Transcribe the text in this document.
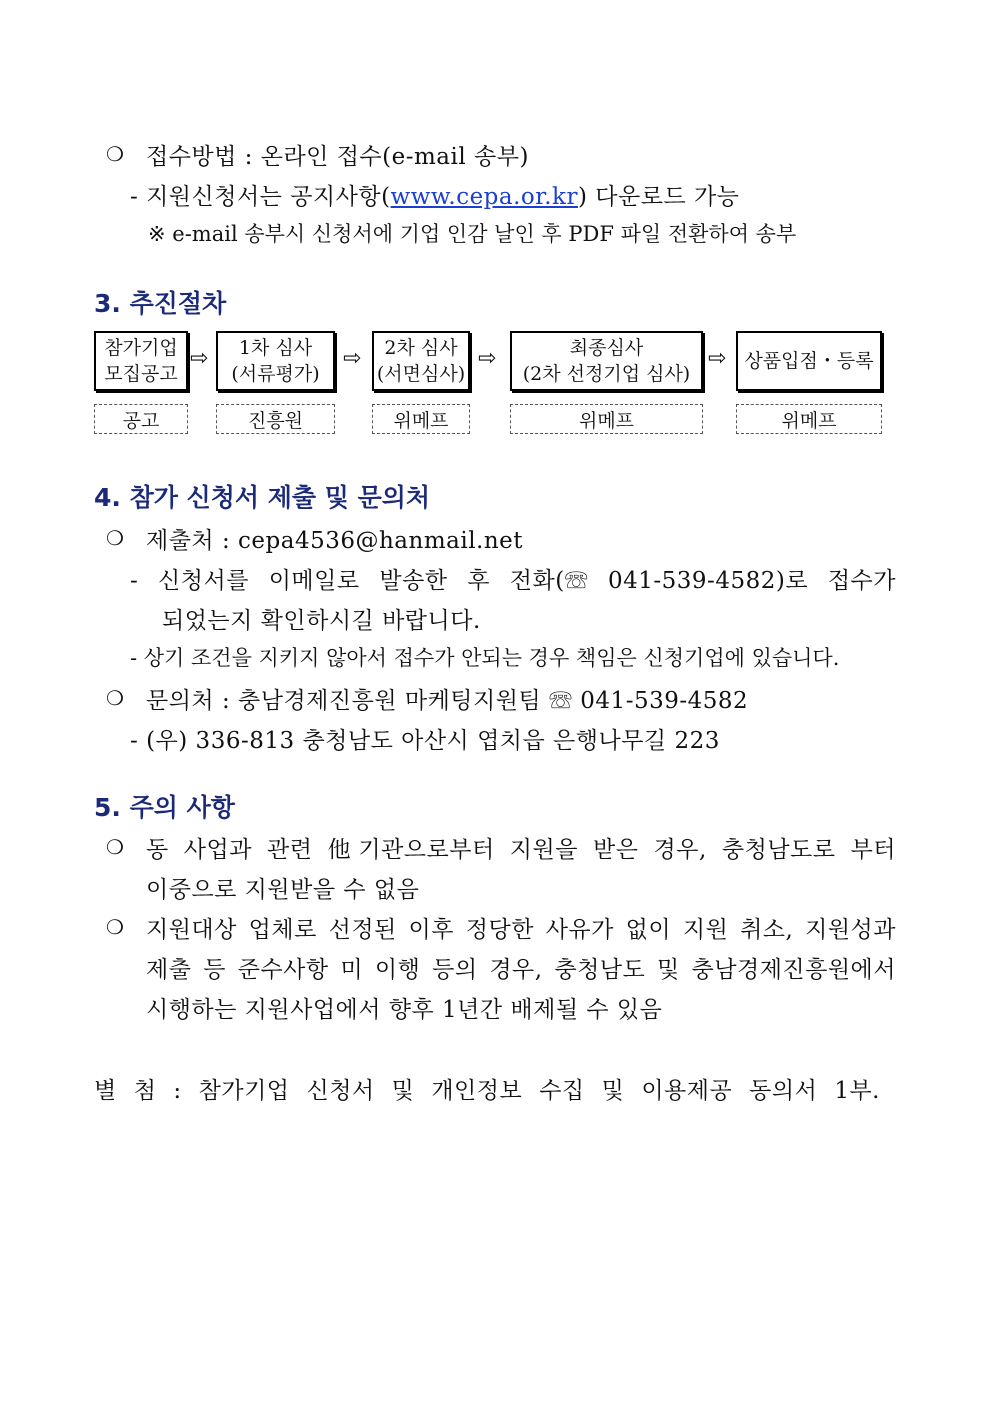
❍ 접수방법 : 온라인 접수(e-mail 송부)
- 지원신청서는 공지사항(www.cepa.or.kr) 다운로드 가능
※ e-mail 송부시 신청서에 기업 인감 날인 후 PDF 파일 전환하여 송부
3. 추진절차
참가기업
모집공고
⇨ 1차 심사
(서류평가)
⇨ 2차 심사
(서면심사)
⇨	최종심사
(2차 선정기업 심사)
⇨ 상품입점・등록
공고	진흥원	위메프	위메프	위메프
4. 참가 신청서 제출 및 문의처
❍ 제출처 : cepa4536@hanmail.net
- 신청서를 이메일로 발송한 후 전화(☏ 041-539-4582)로 접수가
되었는지 확인하시길 바랍니다.
- 상기 조건을 지키지 않아서 접수가 안되는 경우 책임은 신청기업에 있습니다.
❍ 문의처 : 충남경제진흥원 마케팅지원팀 ☏ 041-539-4582
- (우) 336-813 충청남도 아산시 엽치읍 은행나무길 223
5. 주의 사항
❍ 동 사업과 관련 他기관으로부터 지원을 받은 경우, 충청남도로 부터
이중으로 지원받을 수 없음
❍ 지원대상 업체로 선정된 이후 정당한 사유가 없이 지원 취소, 지원성과
제출 등 준수사항 미 이행 등의 경우, 충청남도 및 충남경제진흥원에서
시행하는 지원사업에서 향후 1년간 배제될 수 있음
별 첨 : 참가기업 신청서 및 개인정보 수집 및 이용제공 동의서 1부.
